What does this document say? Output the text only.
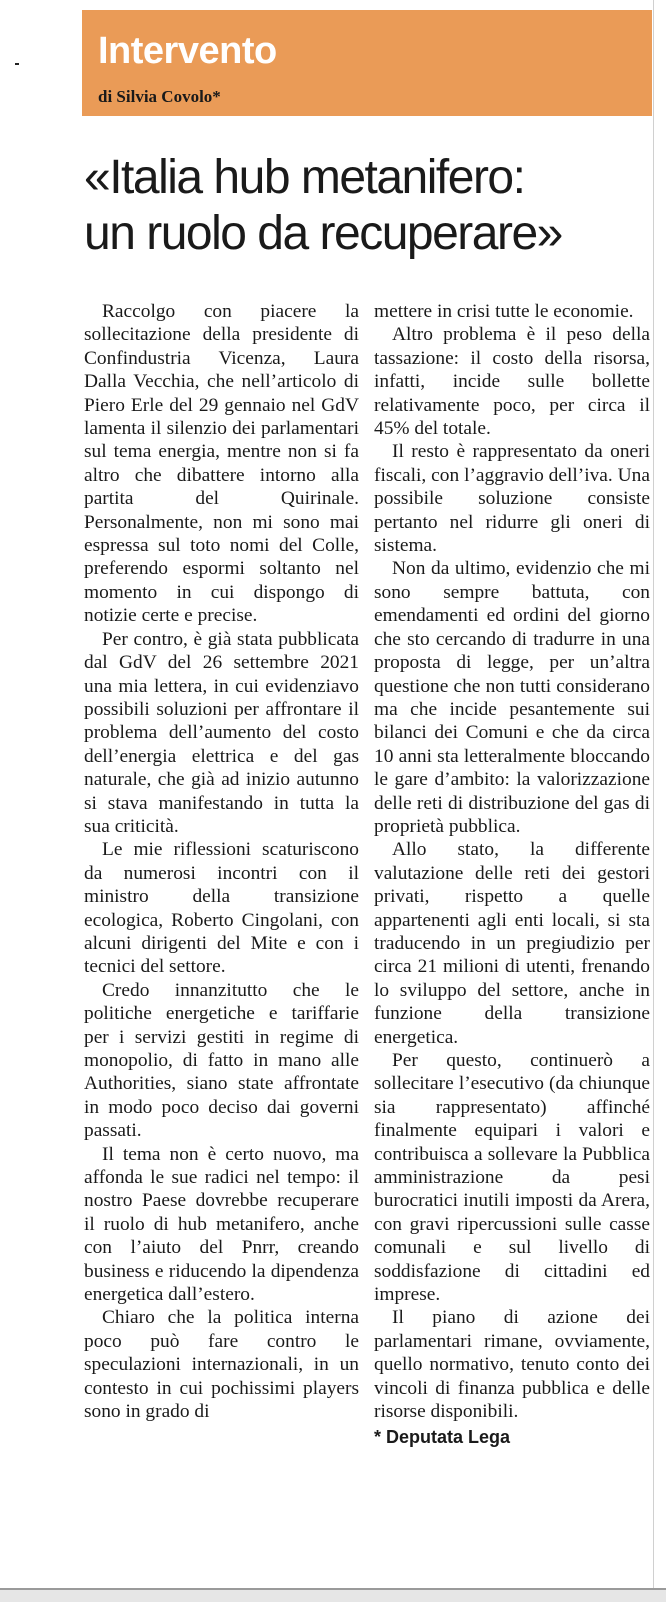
Intervento
di Silvia Covolo*
«Italia hub metanifero:
un ruolo da recuperare»

Raccolgo con piacere la sollecitazione della presidente di Confindustria Vicenza, Laura Dalla Vecchia, che nell’articolo di Piero Erle del 29 gennaio nel GdV lamenta il silenzio dei parlamentari sul tema energia, mentre non si fa altro che dibattere intorno alla partita del Quirinale. Personalmente, non mi sono mai espressa sul toto nomi del Colle, preferendo espormi soltanto nel momento in cui dispongo di notizie certe e precise.

Per contro, è già stata pubblicata dal GdV del 26 settembre 2021 una mia lettera, in cui evidenziavo possibili soluzioni per affrontare il problema dell’aumento del costo dell’energia elettrica e del gas naturale, che già ad inizio autunno si stava manifestando in tutta la sua criticità.

Le mie riflessioni scaturiscono da numerosi incontri con il ministro della transizione ecologica, Roberto Cingolani, con alcuni dirigenti del Mite e con i tecnici del settore.

Credo innanzitutto che le politiche energetiche e tariffarie per i servizi gestiti in regime di monopolio, di fatto in mano alle Authorities, siano state affrontate in modo poco deciso dai governi passati.

Il tema non è certo nuovo, ma affonda le sue radici nel tempo: il nostro Paese dovrebbe recuperare il ruolo di hub metanifero, anche con l’aiuto del Pnrr, creando business e riducendo la dipendenza energetica dall’estero.

Chiaro che la politica interna poco può fare contro le speculazioni internazionali, in un contesto in cui pochissimi players sono in grado di

mettere in crisi tutte le economie.

Altro problema è il peso della tassazione: il costo della risorsa, infatti, incide sulle bollette relativamente poco, per circa il 45% del totale.

Il resto è rappresentato da oneri fiscali, con l’aggravio dell’iva. Una possibile soluzione consiste pertanto nel ridurre gli oneri di sistema.

Non da ultimo, evidenzio che mi sono sempre battuta, con emendamenti ed ordini del giorno che sto cercando di tradurre in una proposta di legge, per un’altra questione che non tutti considerano ma che incide pesantemente sui bilanci dei Comuni e che da circa 10 anni sta letteralmente bloccando le gare d’ambito: la valorizzazione delle reti di distribuzione del gas di proprietà pubblica.

Allo stato, la differente valutazione delle reti dei gestori privati, rispetto a quelle appartenenti agli enti locali, si sta traducendo in un pregiudizio per circa 21 milioni di utenti, frenando lo sviluppo del settore, anche in funzione della transizione energetica.

Per questo, continuerò a sollecitare l’esecutivo (da chiunque sia rappresentato) affinché finalmente equipari i valori e contribuisca a sollevare la Pubblica amministrazione da pesi burocratici inutili imposti da Arera, con gravi ripercussioni sulle casse comunali e sul livello di soddisfazione di cittadini ed imprese.

Il piano di azione dei parlamentari rimane, ovviamente, quello normativo, tenuto conto dei vincoli di finanza pubblica e delle risorse disponibili.

* Deputata Lega
